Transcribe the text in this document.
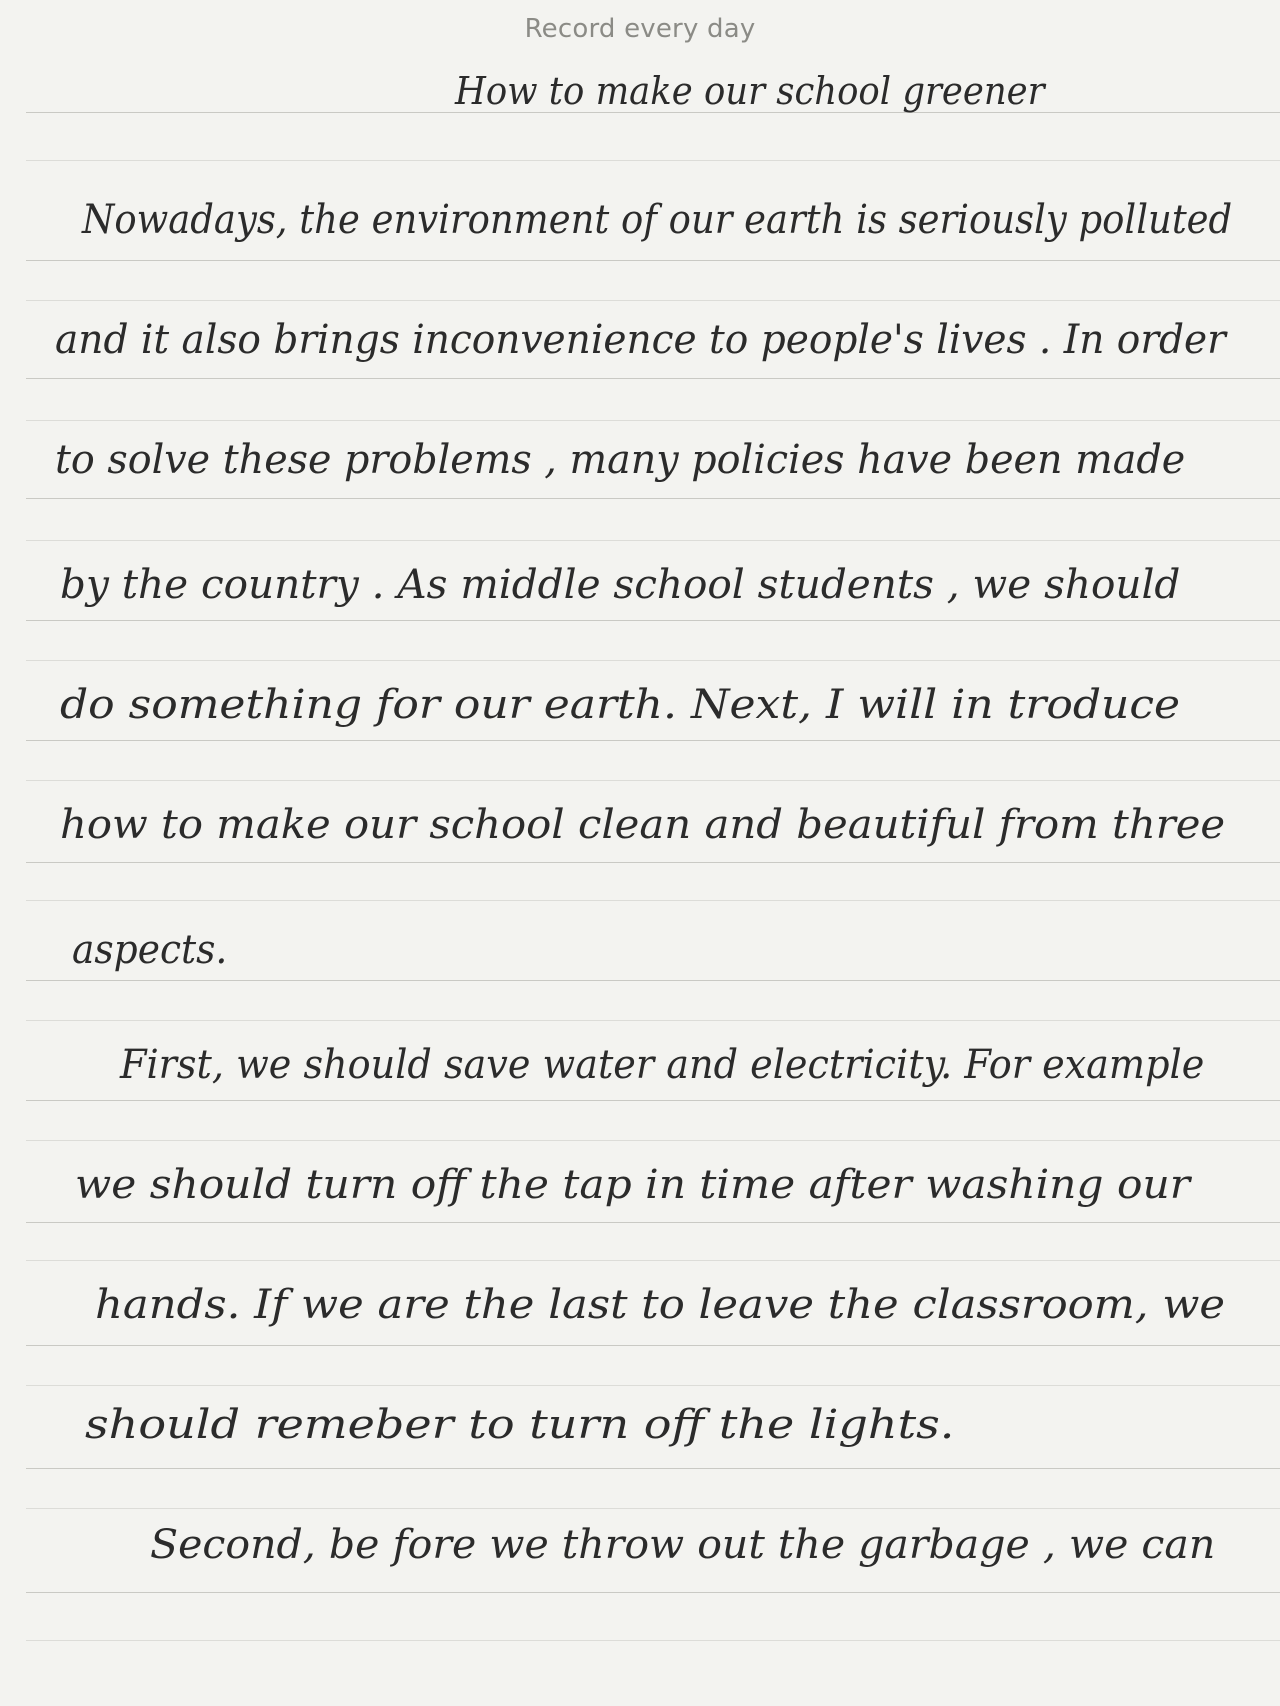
Record every day
How to make our school greener
Nowadays, the environment of our earth is seriously polluted
and it also brings inconvenience to people's lives . In order
to solve these problems , many policies have been made
by the country . As middle school students , we should
do something for our earth. Next, I will in troduce
how to make our school clean and beautiful from three
aspects.
First, we should save water and electricity. For example
we should turn off the tap in time after washing our
hands. If we are the last to leave the classroom, we
should remeber to turn off the lights.
Second, be fore we throw out the garbage , we can
